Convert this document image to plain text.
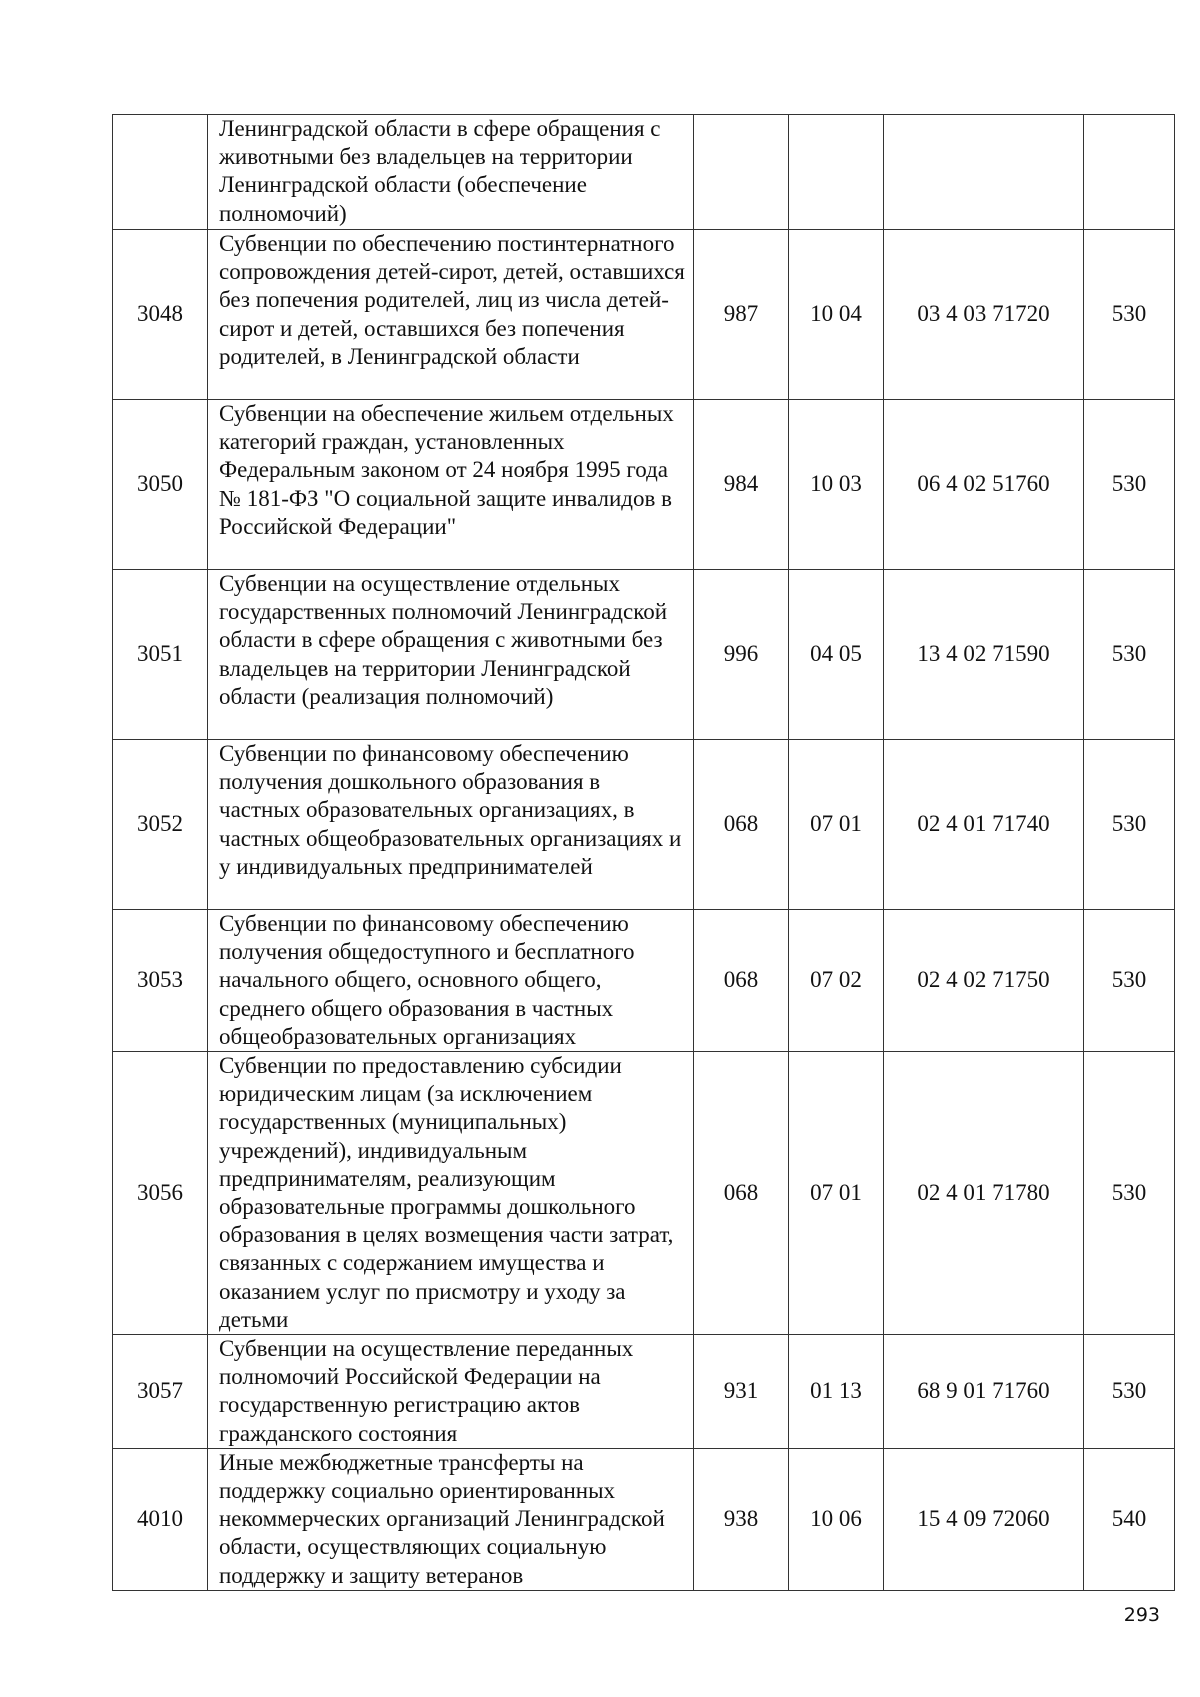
	Ленинградской области в сфере обращения с животными без владельцев на территории Ленинградской области (обеспечение полномочий)				
3048	Субвенции по обеспечению постинтернатного сопровождения детей-сирот, детей, оставшихся без попечения родителей, лиц из числа детей-сирот и детей, оставшихся без попечения родителей, в Ленинградской области	987	10 04	03 4 03 71720	530
3050	Субвенции на обеспечение жильем отдельных категорий граждан, установленных Федеральным законом от 24 ноября 1995 года № 181-ФЗ "О социальной защите инвалидов в Российской Федерации"	984	10 03	06 4 02 51760	530
3051	Субвенции на осуществление отдельных государственных полномочий Ленинградской области в сфере обращения с животными без владельцев на территории Ленинградской области (реализация полномочий)	996	04 05	13 4 02 71590	530
3052	Субвенции по финансовому обеспечению получения дошкольного образования в частных образовательных организациях, в частных общеобразовательных организациях и у индивидуальных предпринимателей	068	07 01	02 4 01 71740	530
3053	Субвенции по финансовому обеспечению получения общедоступного и бесплатного начального общего, основного общего, среднего общего образования в частных общеобразовательных организациях	068	07 02	02 4 02 71750	530
3056	Субвенции по предоставлению субсидии юридическим лицам (за исключением государственных (муниципальных) учреждений), индивидуальным предпринимателям, реализующим образовательные программы дошкольного образования в целях возмещения части затрат, связанных с содержанием имущества и оказанием услуг по присмотру и уходу за детьми	068	07 01	02 4 01 71780	530
3057	Субвенции на осуществление переданных полномочий Российской Федерации на государственную регистрацию актов гражданского состояния	931	01 13	68 9 01 71760	530
4010	Иные межбюджетные трансферты на поддержку социально ориентированных некоммерческих организаций Ленинградской области, осуществляющих социальную поддержку и защиту ветеранов	938	10 06	15 4 09 72060	540
293
